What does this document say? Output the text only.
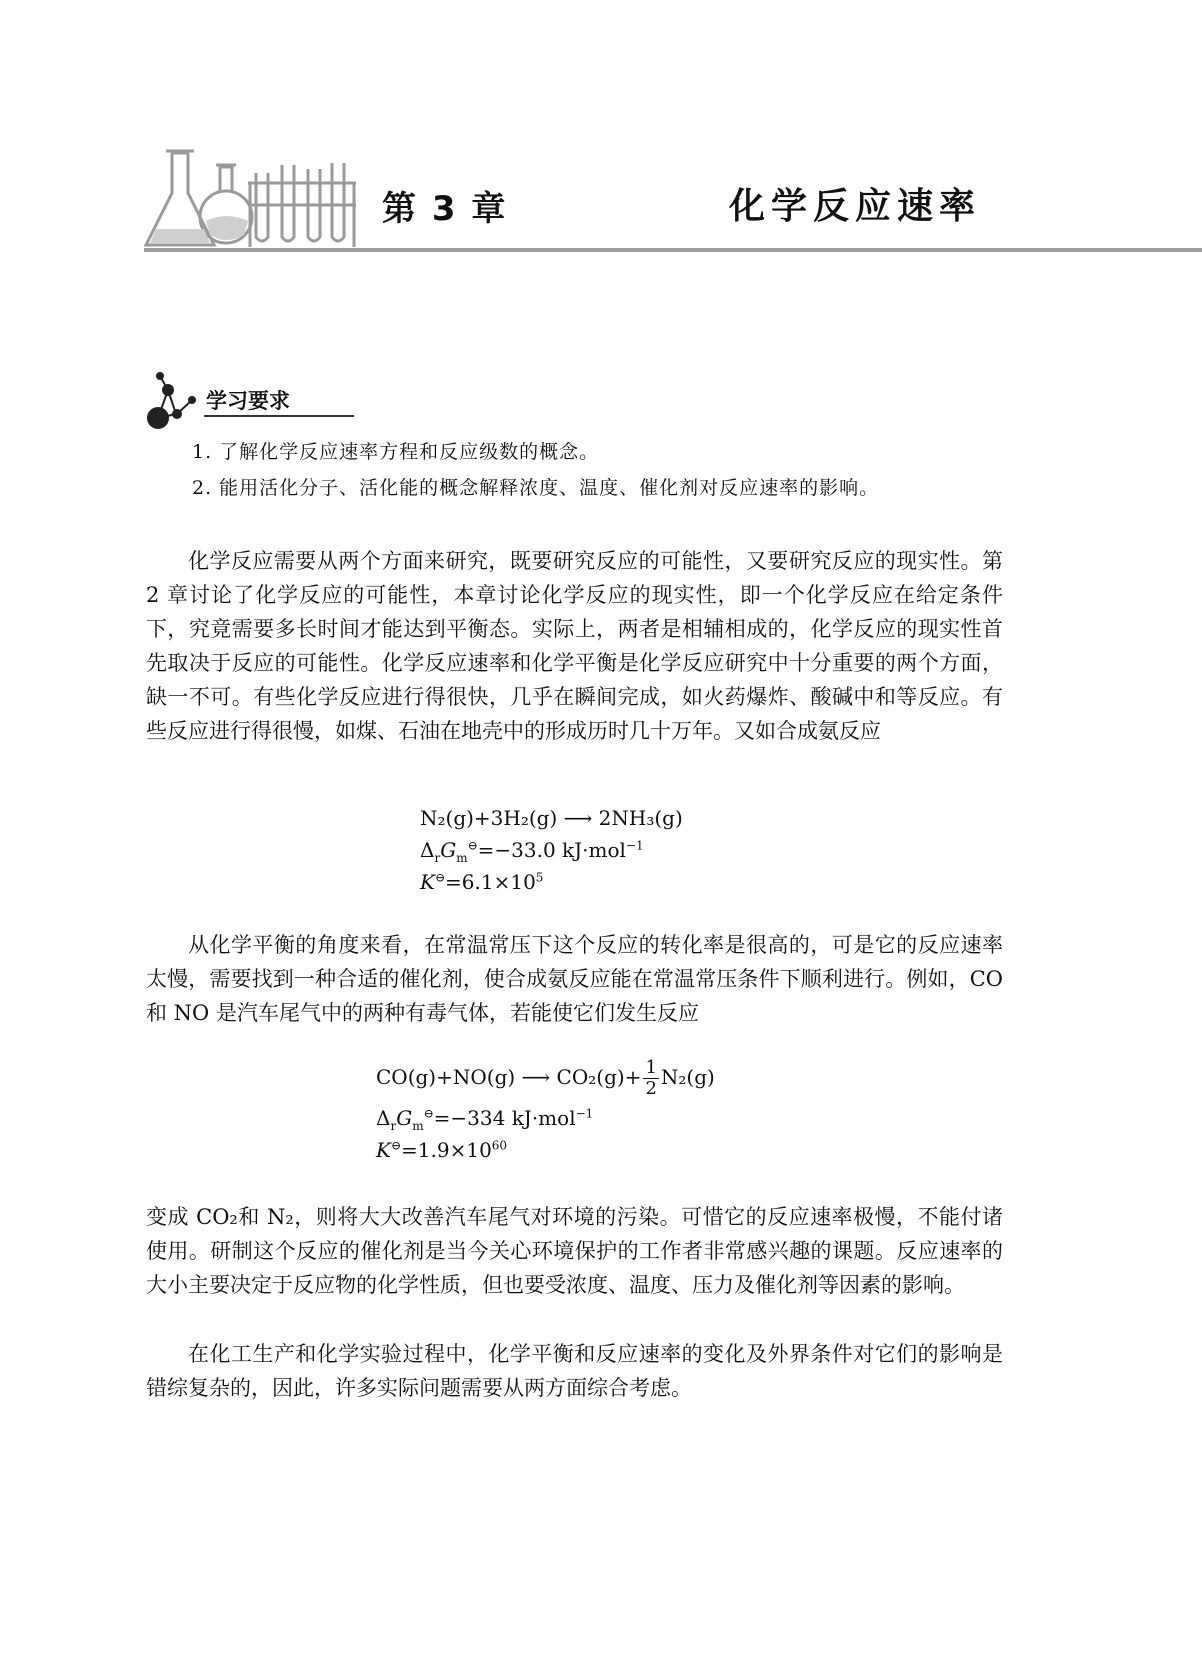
第 3 章	化学反应速率
学习要求
1. 了解化学反应速率方程和反应级数的概念。
2. 能用活化分子、活化能的概念解释浓度、温度、催化剂对反应速率的影响。

化学反应需要从两个方面来研究，既要研究反应的可能性，又要研究反应的现实性。第 2 章讨论了化学反应的可能性，本章讨论化学反应的现实性，即一个化学反应在给定条件下，究竟需要多长时间才能达到平衡态。实际上，两者是相辅相成的，化学反应的现实性首先取决于反应的可能性。化学反应速率和化学平衡是化学反应研究中十分重要的两个方面，缺一不可。有些化学反应进行得很快，几乎在瞬间完成，如火药爆炸、酸碱中和等反应。有些反应进行得很慢，如煤、石油在地壳中的形成历时几十万年。又如合成氨反应

N₂(g)+3H₂(g) ⟶ 2NH₃(g)
$\Delta_rG_m^⊖=-33.0$ kJ·mol$^{-1}$
$K^⊖=6.1\times 10^5$

从化学平衡的角度来看，在常温常压下这个反应的转化率是很高的，可是它的反应速率太慢，需要找到一种合适的催化剂，使合成氨反应能在常温常压条件下顺利进行。例如，CO 和 NO 是汽车尾气中的两种有毒气体，若能使它们发生反应

CO(g)+NO(g) ⟶ $CO_2(g)+ \frac{1}{2} N_2(g)$
$\Delta_rG_m^⊖=-334$ kJ·mol$^{-1}$
$K^⊖=1.9\times 10^{60}$

变成 CO₂和 N₂，则将大大改善汽车尾气对环境的污染。可惜它的反应速率极慢，不能付诸使用。研制这个反应的催化剂是当今关心环境保护的工作者非常感兴趣的课题。反应速率的大小主要决定于反应物的化学性质，但也要受浓度、温度、压力及催化剂等因素的影响。

在化工生产和化学实验过程中，化学平衡和反应速率的变化及外界条件对它们的影响是错综复杂的，因此，许多实际问题需要从两方面综合考虑。
